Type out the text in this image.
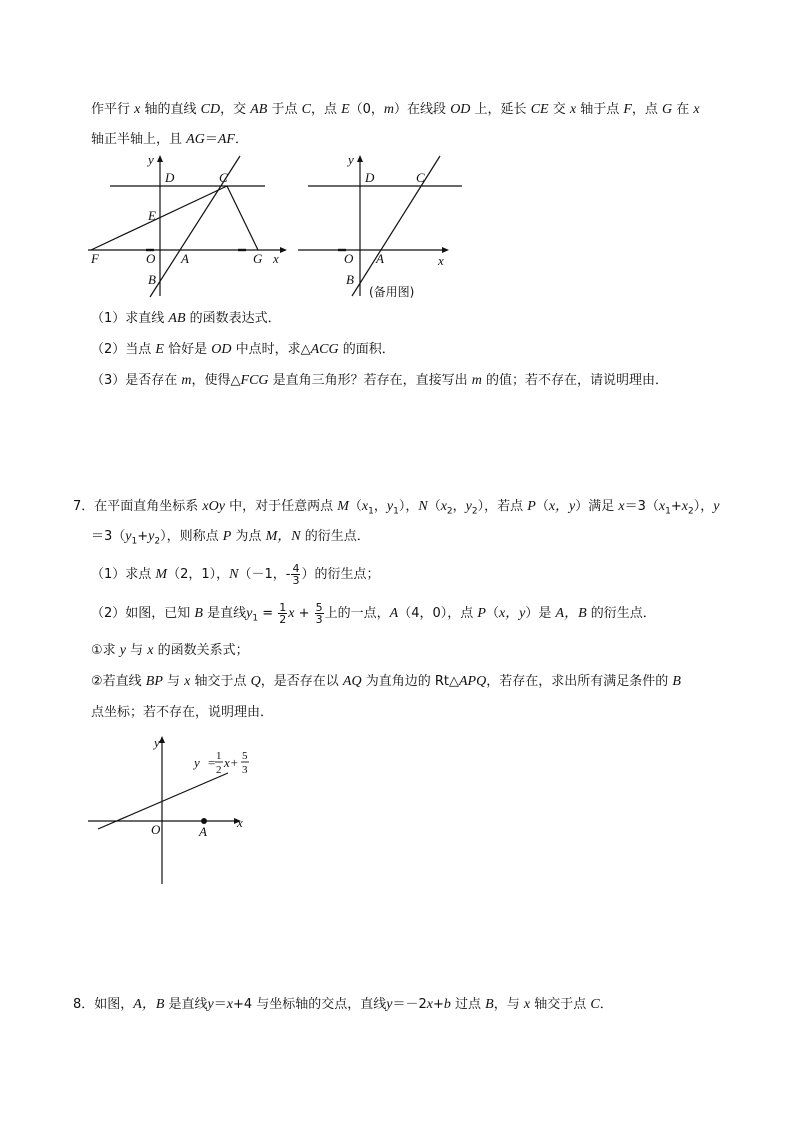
作平行 x 轴的直线 CD，交 AB 于点 C，点 E（0，m）在线段 OD 上，延长 CE 交 x 轴于点 F，点 G 在 x
轴正半轴上，且 AG＝AF．
y
D	C
E
F	O A	G x
B
y
D	C
O A	x
B
(备用图)
（1）求直线 AB 的函数表达式．
（2）当点 E 恰好是 OD 中点时，求△ACG 的面积．
（3）是否存在 m，使得△FCG 是直角三角形？若存在，直接写出 m 的值；若不存在，请说明理由．
7．在平面直角坐标系 xOy 中，对于任意两点 $M(x_1$，$y_1$），$N(x_2$，$y_2$），若点 P（x，y）满足 $x=3(x_1+x_2)$，y
$=3(y_1+y_2)$，则称点 P 为点 M，N 的衍生点．
（1）求点 M（2，1），N（－1，- $\frac{4}{3}$ ）的衍生点；
（2）如图，已知 B 是直线$y_1 = \frac{1}{2}$ $x + \frac{5}{3}$ 上的一点，A（4，0），点 P（x，y）是 A，B 的衍生点．
①求 y 与 x 的函数关系式；
②若直线 BP 与 x 轴交于点 Q，是否存在以 AQ 为直角边的 Rt△APQ，若存在，求出所有满足条件的 B
点坐标；若不存在，说明理由．
y
O	A
x
y = 1
2 x+ 5
3
8．如图，A，B 是直线y＝x+4 与坐标轴的交点，直线y＝－2x+b 过点 B，与 x 轴交于点 C．
